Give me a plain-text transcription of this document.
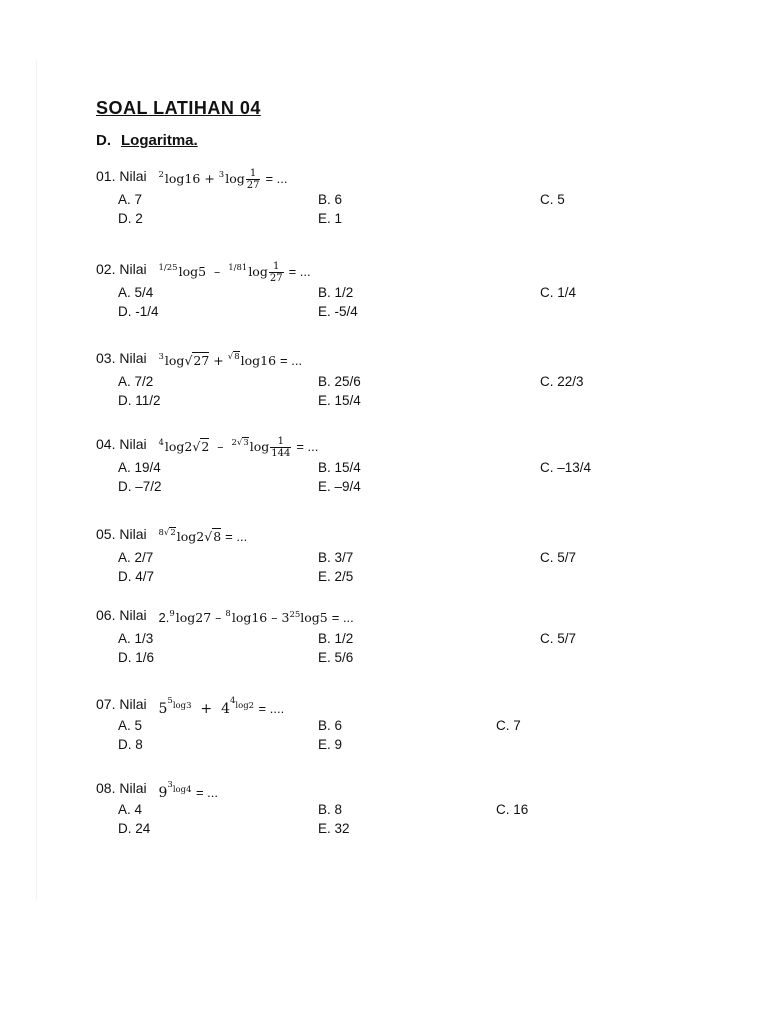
SOAL LATIHAN 04
D. Logaritma.
01. Nilai $^2\log 16 + ^3\log \frac{1}{27}$ = ...
A. 7	B. 6	C. 5
D. 2	E. 1
02. Nilai $^{1/25}\log 5 - ^{1/81}\log \frac{1}{27}$ = ...
A. 5/4	B. 1/2	C. 1/4
D. -1/4	E. -5/4
03. Nilai $^3$log√27 + $^{√8}$log16 = ...
A. 7/2	B. 25/6	C. 22/3
D. 11/2	E. 15/4
04. Nilai $^4\log 2√2 - ^{2√3}\log \frac{1}{144}$ = ...
A. 19/4	B. 15/4	C. –13/4
D. –7/2	E. –9/4
05. Nilai $^{8√2}$log2√8 = ...
A. 2/7	B. 3/7	C. 5/7
D. 4/7	E. 2/5
06. Nilai $2.^9\log 27 - ^8\log 16 - 3^{25}\log 5$ = ...
A. 1/3	B. 1/2	C. 5/7
D. 1/6	E. 5/6
07. Nilai $5^{^5log3} + 4^{^4log2}$ = ....
A. 5	B. 6	C. 7
D. 8	E. 9
08. Nilai $9^{^3log4}$ = ...
A. 4	B. 8	C. 16
D. 24	E. 32
